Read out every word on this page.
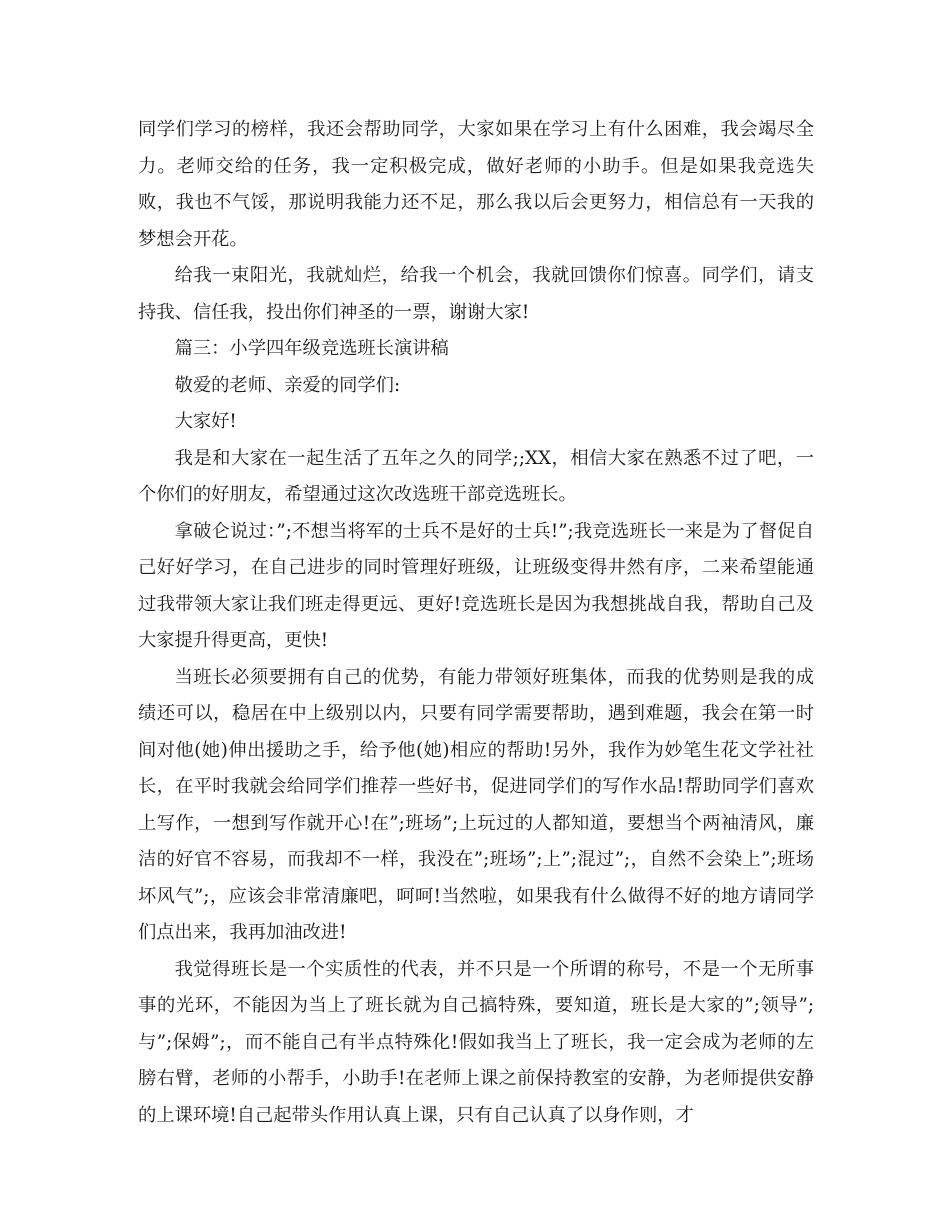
同学们学习的榜样，我还会帮助同学，大家如果在学习上有什么困难，我会竭尽全力。老师交给的任务，我一定积极完成，做好老师的小助手。但是如果我竞选失败，我也不气馁，那说明我能力还不足，那么我以后会更努力，相信总有一天我的梦想会开花。

给我一束阳光，我就灿烂，给我一个机会，我就回馈你们惊喜。同学们，请支持我、信任我，投出你们神圣的一票，谢谢大家!

篇三：小学四年级竞选班长演讲稿

敬爱的老师、亲爱的同学们:

大家好!

我是和大家在一起生活了五年之久的同学;;XX，相信大家在熟悉不过了吧，一个你们的好朋友，希望通过这次改选班干部竞选班长。

拿破仑说过：”;不想当将军的士兵不是好的士兵!”;我竞选班长一来是为了督促自己好好学习，在自己进步的同时管理好班级，让班级变得井然有序，二来希望能通过我带领大家让我们班走得更远、更好!竞选班长是因为我想挑战自我，帮助自己及大家提升得更高，更快!

当班长必须要拥有自己的优势，有能力带领好班集体，而我的优势则是我的成绩还可以，稳居在中上级别以内，只要有同学需要帮助，遇到难题，我会在第一时间对他(她)伸出援助之手，给予他(她)相应的帮助!另外，我作为妙笔生花文学社社长，在平时我就会给同学们推荐一些好书，促进同学们的写作水品!帮助同学们喜欢上写作，一想到写作就开心!在”;班场”;上玩过的人都知道，要想当个两袖清风，廉洁的好官不容易，而我却不一样，我没在”;班场”;上”;混过”;，自然不会染上”;班场坏风气”;，应该会非常清廉吧，呵呵!当然啦，如果我有什么做得不好的地方请同学们点出来，我再加油改进!

我觉得班长是一个实质性的代表，并不只是一个所谓的称号，不是一个无所事事的光环，不能因为当上了班长就为自己搞特殊，要知道，班长是大家的”;领导”;与”;保姆”;，而不能自己有半点特殊化!假如我当上了班长，我一定会成为老师的左膀右臂，老师的小帮手，小助手!在老师上课之前保持教室的安静，为老师提供安静的上课环境!自己起带头作用认真上课，只有自己认真了以身作则，才
